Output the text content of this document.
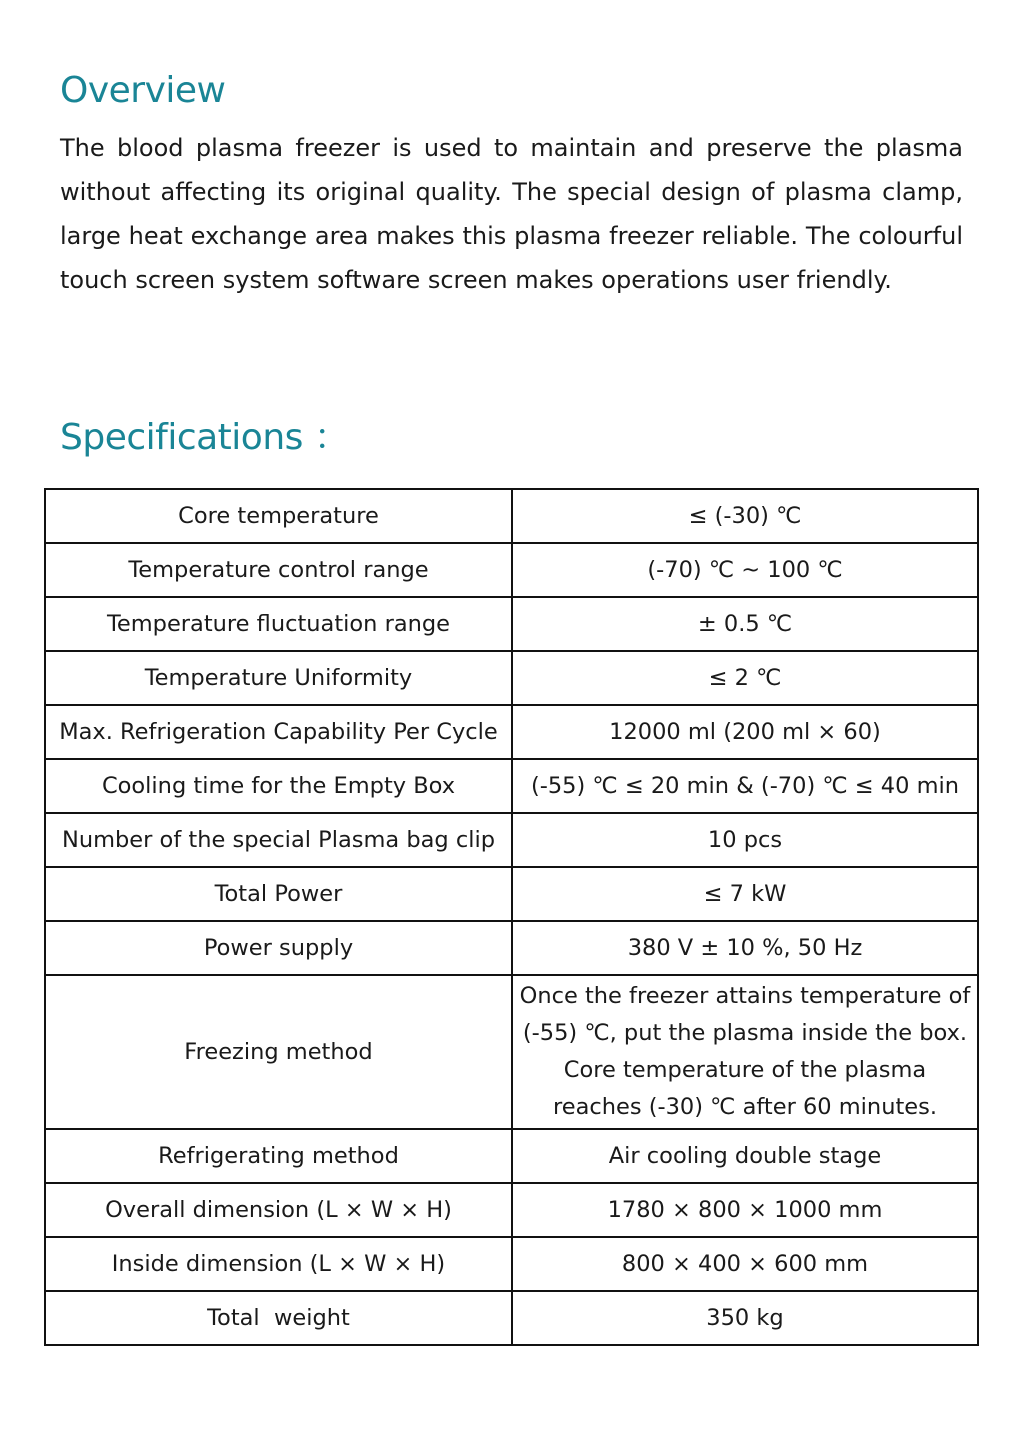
Overview

The blood plasma freezer is used to maintain and preserve the plasma without affecting its original quality. The special design of plasma clamp, large heat exchange area makes this plasma freezer reliable. The colourful touch screen system software screen makes operations user friendly.

Specifications ：
Core temperature	≤ (-30) ℃
Temperature control range	(-70) ℃ ~ 100 ℃
Temperature fluctuation range	± 0.5 ℃
Temperature Uniformity	≤ 2 ℃
Max. Refrigeration Capability Per Cycle	12000 ml (200 ml × 60)
Cooling time for the Empty Box	(-55) ℃ ≤ 20 min & (-70) ℃ ≤ 40 min
Number of the special Plasma bag clip	10 pcs
Total Power	≤ 7 kW
Power supply	380 V ± 10 %, 50 Hz
Freezing method	Once the freezer attains temperature of (-55) ℃, put the plasma inside the box. Core temperature of the plasma reaches (-30) ℃ after 60 minutes.
Refrigerating method	Air cooling double stage
Overall dimension (L × W × H)	1780 × 800 × 1000 mm
Inside dimension (L × W × H)	800 × 400 × 600 mm
Total  weight	350 kg
